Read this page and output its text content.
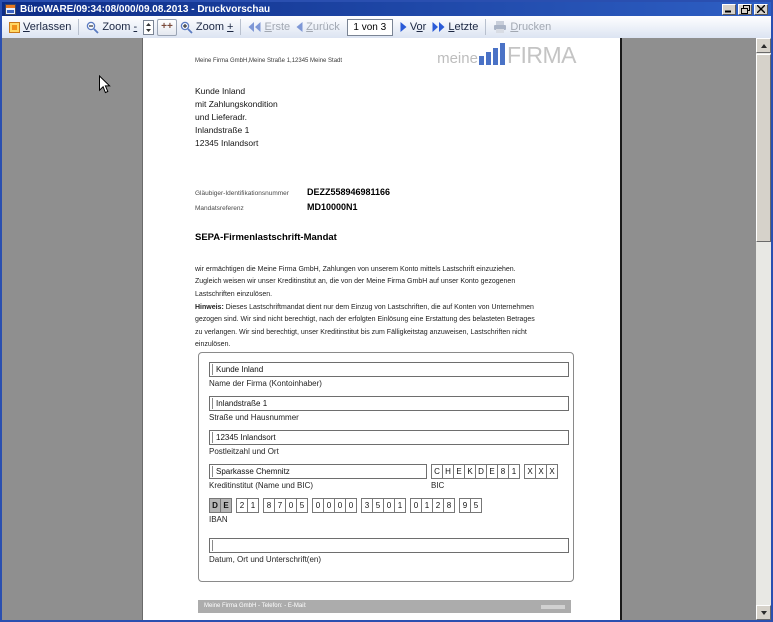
BüroWARE/09:34:08/000/09.08.2013 - Druckvorschau
Verlassen	Zoom -	++	Zoom +	Erste Zurück	1 von 3	Vor Letzte	Drucken
Meine Firma GmbH,Meine Straße 1,12345 Meine Stadt	meine FIRMA
Kunde Inland
mit Zahlungskondition
und Lieferadr.
Inlandstraße 1
12345 Inlandsort
Gläubiger-Identifikationsnummer DEZZ558946981166
Mandatsreferenz	MD10000N1
SEPA-Firmenlastschrift-Mandat
wir ermächtigen die Meine Firma GmbH, Zahlungen von unserem Konto mittels Lastschrift einzuziehen.
Zugleich weisen wir unser Kreditinstitut an, die von der Meine Firma GmbH auf unser Konto gezogenen
Lastschriften einzulösen.
Hinweis: Dieses Lastschriftmandat dient nur dem Einzug von Lastschriften, die auf Konten von Unternehmen
gezogen sind. Wir sind nicht berechtigt, nach der erfolgten Einlösung eine Erstattung des belasteten Betrages
zu verlangen. Wir sind berechtigt, unser Kreditinstitut bis zum Fälligkeitstag anzuweisen, Lastschriften nicht
einzulösen.
Kunde Inland
Name der Firma (Kontoinhaber)
Inlandstraße 1
Straße und Hausnummer
12345 Inlandsort
Postleitzahl und Ort
Sparkasse Chemnitz
Kreditinstitut (Name und BIC)
C H E K D E 8 1	X X X
BIC
D E	2 1	8 7 0 5	0 0 0 0	3 5 0 1	0 1 2 8	9 5
IBAN
Datum, Ort und Unterschrift(en)
Meine Firma GmbH - Telefon: - E-Mail:
